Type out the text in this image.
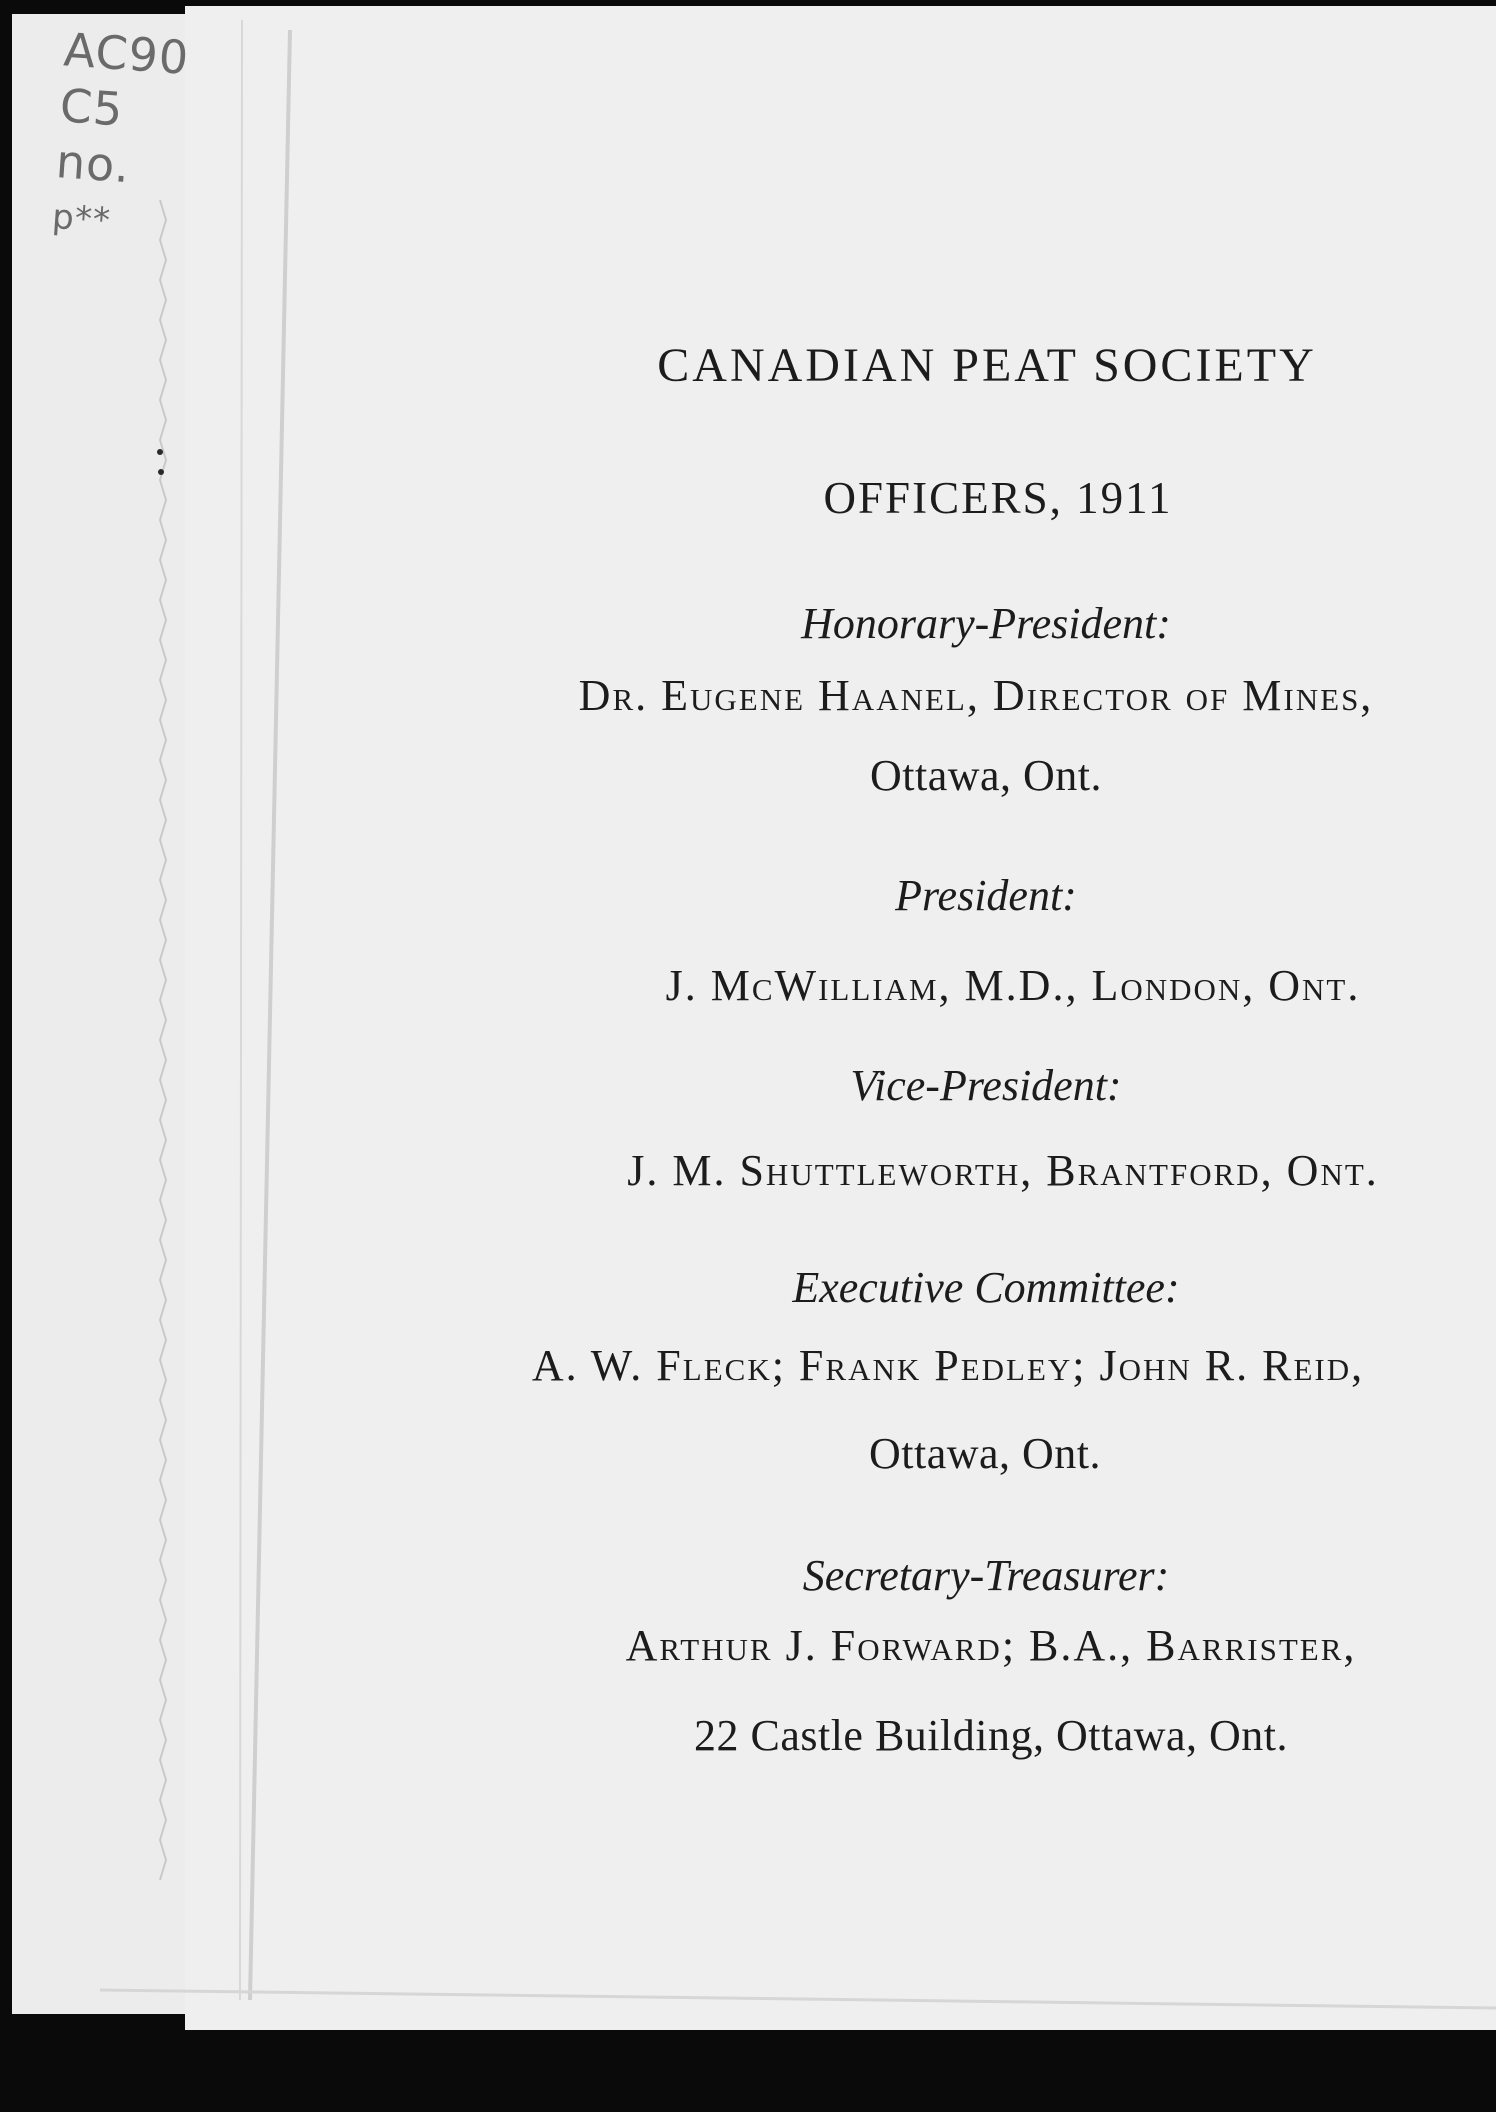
AC90
C5
no.
p**
CANADIAN PEAT SOCIETY
OFFICERS, 1911
Honorary-President:
Dr. Eugene Haanel, Director of Mines,
Ottawa, Ont.
President:
J. McWilliam, M.D., London, Ont.
Vice-President:
J. M. Shuttleworth, Brantford, Ont.
Executive Committee:
A. W. Fleck; Frank Pedley; John R. Reid,
Ottawa, Ont.
Secretary-Treasurer:
Arthur J. Forward; B.A., Barrister,
22 Castle Building, Ottawa, Ont.
